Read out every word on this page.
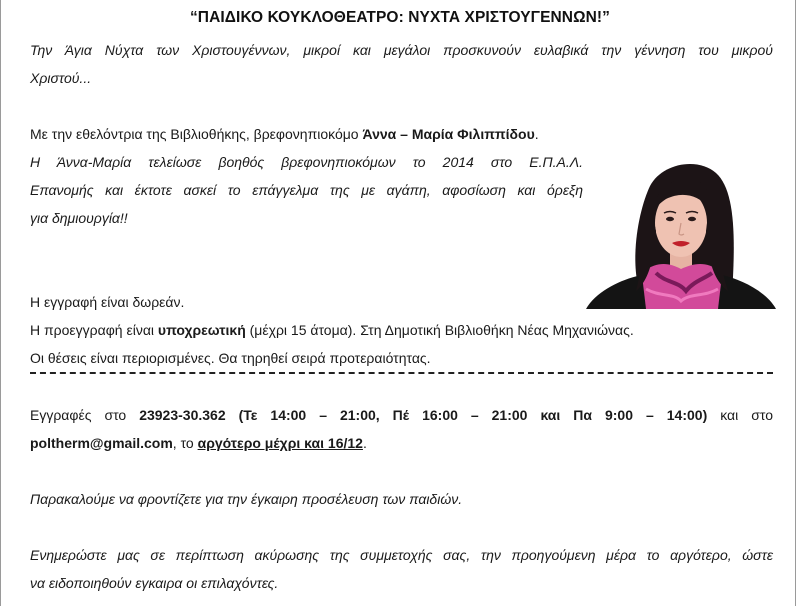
“ΠΑΙΔΙΚΟ ΚΟΥΚΛΟΘΕΑΤΡΟ: ΝΥΧΤΑ ΧΡΙΣΤΟΥΓΕΝΝΩΝ!”
Την Άγια Νύχτα των Χριστουγέννων, μικροί και μεγάλοι προσκυνούν ευλαβικά την γέννηση του μικρού
Χριστού...
Με την εθελόντρια της Βιβλιοθήκης, βρεφονηπιοκόμο Άννα – Μαρία Φιλιππίδου.
Η Άννα-Μαρία τελείωσε βοηθός βρεφονηπιοκόμων το 2014 στο Ε.Π.Α.Λ.
Επανομής και έκτοτε ασκεί το επάγγελμα της με αγάπη, αφοσίωση και όρεξη
για δημιουργία!!
Η εγγραφή είναι δωρεάν.
Η προεγγραφή είναι υποχρεωτική (μέχρι 15 άτομα). Στη Δημοτική Βιβλιοθήκη Νέας Μηχανιώνας.
Οι θέσεις είναι περιορισμένες. Θα τηρηθεί σειρά προτεραιότητας.
Εγγραφές στο 23923-30.362 (Τε 14:00 – 21:00, Πέ 16:00 – 21:00 και Πα 9:00 – 14:00) και στο
poltherm@gmail.com, το αργότερο μέχρι και 16/12.
Παρακαλούμε να φροντίζετε για την έγκαιρη προσέλευση των παιδιών.
Ενημερώστε μας σε περίπτωση ακύρωσης της συμμετοχής σας, την προηγούμενη μέρα το αργότερο, ώστε
να ειδοποιηθούν εγκαιρα οι επιλαχόντες.
